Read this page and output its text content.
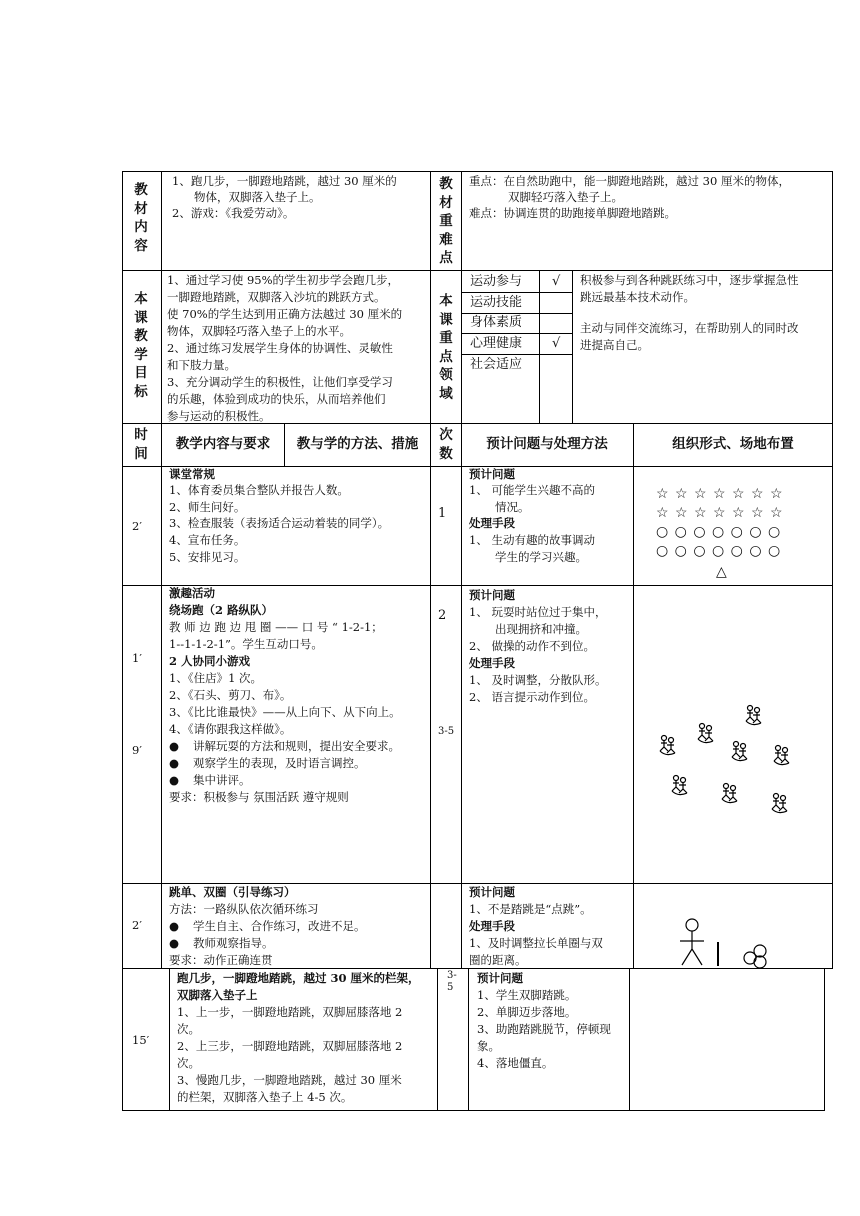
教材内容
1、跑几步，一脚蹬地踏跳，越过 30 厘米的
物体，双脚落入垫子上。
2、游戏：《我爱劳动》。
教材重难点
重点：在自然助跑中，能一脚蹬地踏跳，越过 30 厘米的物体，
双脚轻巧落入垫子上。
难点：协调连贯的助跑接单脚蹬地踏跳。
本课教学目标
1、通过学习使 95%的学生初步学会跑几步，
一脚蹬地踏跳，双脚落入沙坑的跳跃方式。
使 70%的学生达到用正确方法越过 30 厘米的
物体，双脚轻巧落入垫子上的水平。
2、通过练习发展学生身体的协调性、灵敏性
和下肢力量。
3、充分调动学生的积极性，让他们享受学习
的乐趣，体验到成功的快乐，从而培养他们
参与运动的积极性。
本课重点领域
运动参与 √
运动技能
身体素质
心理健康 √
社会适应
积极参与到各种跳跃练习中，逐步掌握急性
跳远最基本技术动作。
主动与同伴交流练习，在帮助别人的同时改
进提高自己。
时间
教学内容与要求	教与学的方法、措施
次数
预计问题与处理方法	组织形式、场地布置
2′
1
课堂常规
1、体育委员集合整队并报告人数。
2、师生问好。
3、检查服装（表扬适合运动着装的同学）。
4、宣布任务。
5、安排见习。
预计问题
1、 可能学生兴趣不高的
情况。
处理手段
1、 生动有趣的故事调动
学生的学习兴趣。
☆ ☆ ☆ ☆ ☆ ☆ ☆
☆ ☆ ☆ ☆ ☆ ☆ ☆
○ ○ ○ ○ ○ ○ ○
○ ○ ○ ○ ○ ○ ○
△
1′
9′
2
3-5
激趣活动
绕场跑（2 路纵队）
教 师 边 跑 边 甩 圈 —— 口 号 “ 1-2-1；
1--1-1-2-1”。学生互动口号。
2 人协同小游戏
1、《住店》1 次。
2、《石头、剪刀、布》。
3、《比比谁最快》——从上向下、从下向上。
4、《请你跟我这样做》。
● 讲解玩耍的方法和规则，提出安全要求。
● 观察学生的表现，及时语言调控。
● 集中讲评。
要求：积极参与 氛围活跃 遵守规则
预计问题
1、 玩耍时站位过于集中，
出现拥挤和冲撞。
2、 做操的动作不到位。
处理手段
1、 及时调整，分散队形。
2、 语言提示动作到位。
2′
跳单、双圈（引导练习）
方法：一路纵队依次循环练习
● 学生自主、合作练习，改进不足。
● 教师观察指导。
要求：动作正确连贯
预计问题
1、不是踏跳是“点跳”。
处理手段
1、及时调整拉长单圈与双
圈的距离。
15′
3-
5
跑几步，一脚蹬地踏跳，越过 30 厘米的栏架，
双脚落入垫子上
1、上一步，一脚蹬地踏跳，双脚屈膝落地 2
次。
2、上三步，一脚蹬地踏跳，双脚屈膝落地 2
次。
3、慢跑几步，一脚蹬地踏跳，越过 30 厘米
的栏架，双脚落入垫子上 4-5 次。
预计问题
1、学生双脚踏跳。
2、单脚迈步落地。
3、助跑踏跳脱节，停顿现
象。
4、落地僵直。
